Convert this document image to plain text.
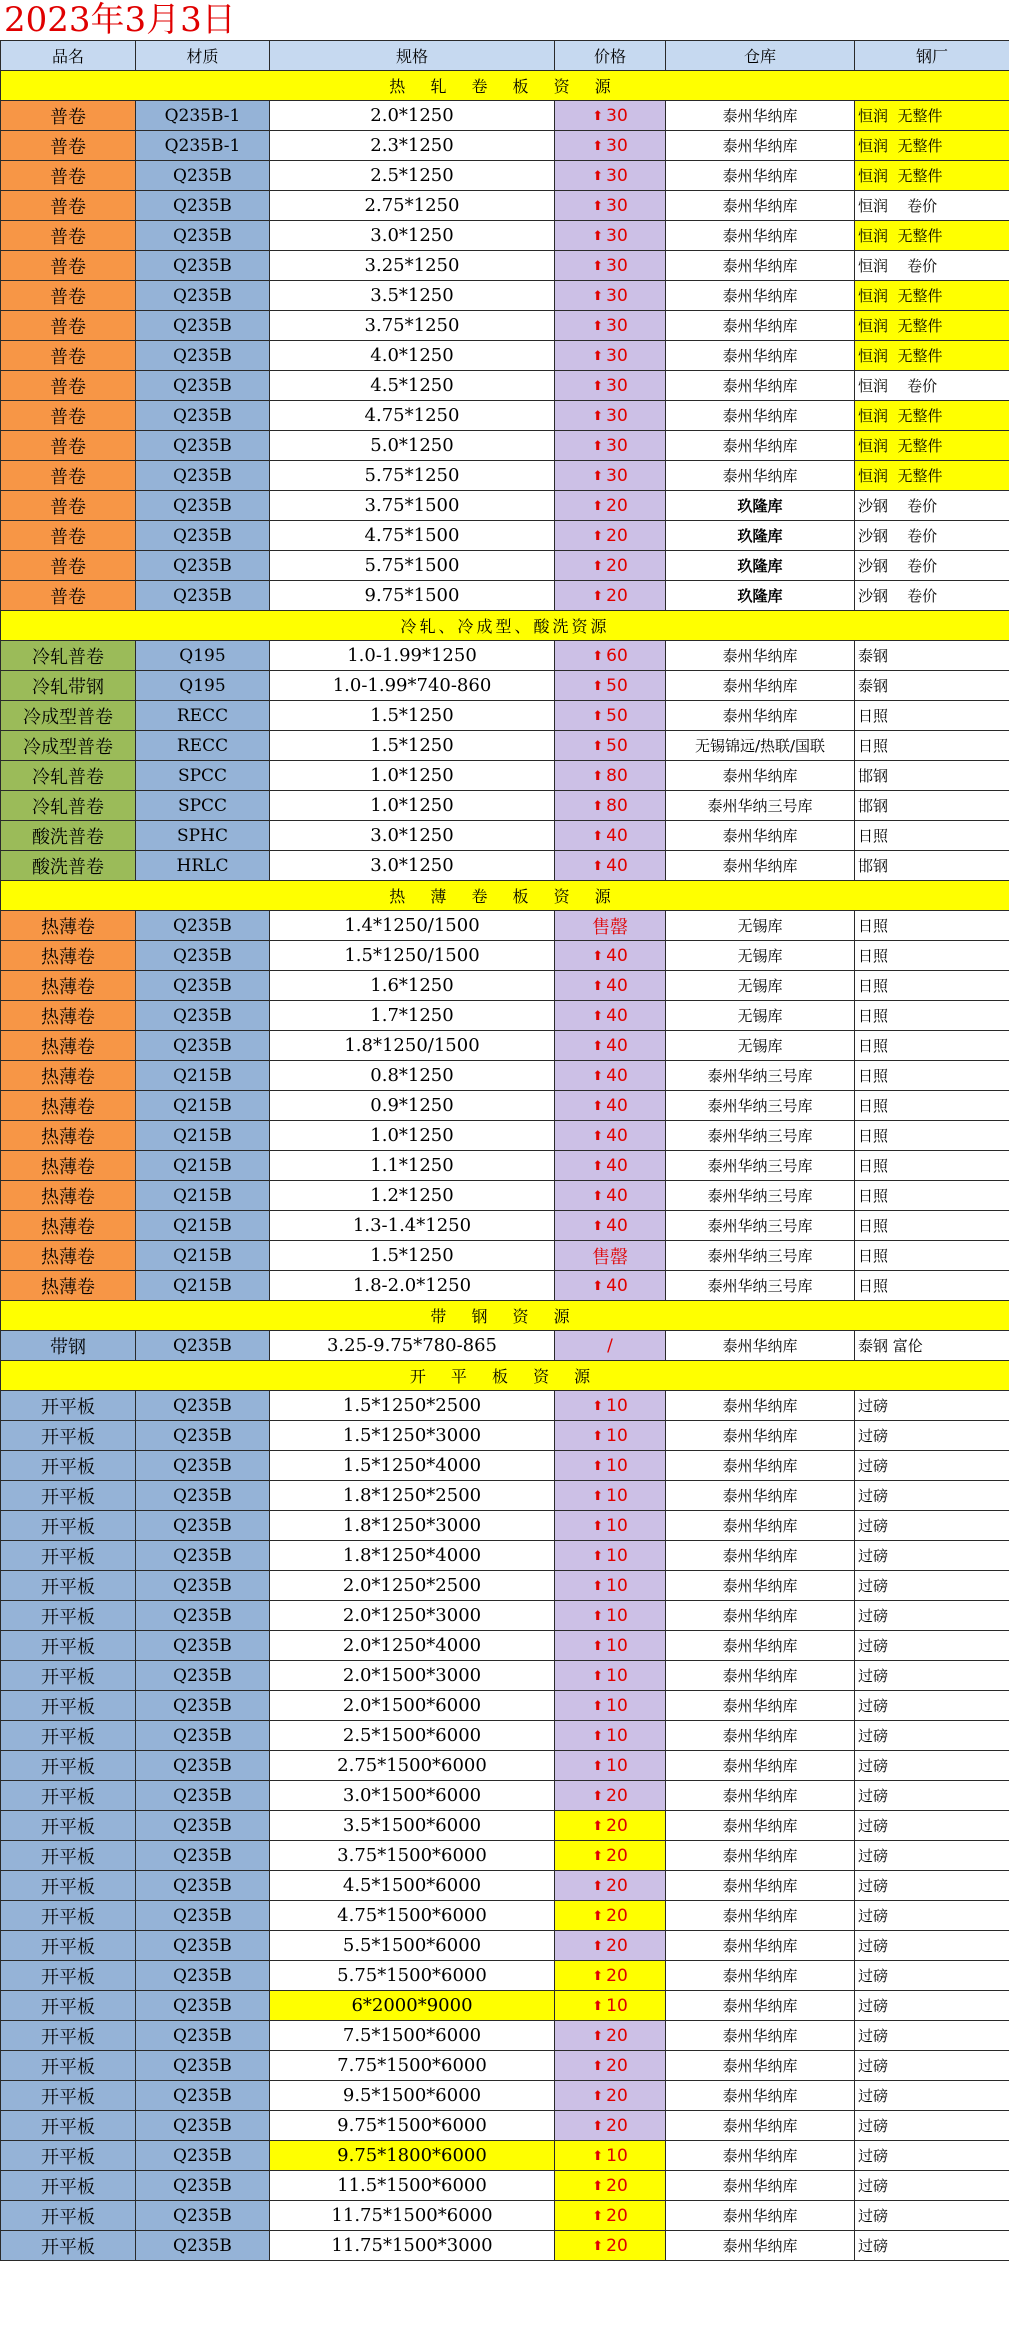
2023年3月3日
品名	材质	规格	价格	仓库	钢厂
热 轧 卷 板 资 源					
普卷	Q235B-1	2.0*1250	⬆ 30	泰州华纳库	恒润  无整件
普卷	Q235B-1	2.3*1250	⬆ 30	泰州华纳库	恒润  无整件
普卷	Q235B	2.5*1250	⬆ 30	泰州华纳库	恒润  无整件
普卷	Q235B	2.75*1250	⬆ 30	泰州华纳库	恒润    卷价
普卷	Q235B	3.0*1250	⬆ 30	泰州华纳库	恒润  无整件
普卷	Q235B	3.25*1250	⬆ 30	泰州华纳库	恒润    卷价
普卷	Q235B	3.5*1250	⬆ 30	泰州华纳库	恒润  无整件
普卷	Q235B	3.75*1250	⬆ 30	泰州华纳库	恒润  无整件
普卷	Q235B	4.0*1250	⬆ 30	泰州华纳库	恒润  无整件
普卷	Q235B	4.5*1250	⬆ 30	泰州华纳库	恒润    卷价
普卷	Q235B	4.75*1250	⬆ 30	泰州华纳库	恒润  无整件
普卷	Q235B	5.0*1250	⬆ 30	泰州华纳库	恒润  无整件
普卷	Q235B	5.75*1250	⬆ 30	泰州华纳库	恒润  无整件
普卷	Q235B	3.75*1500	⬆ 20	玖隆库	沙钢    卷价
普卷	Q235B	4.75*1500	⬆ 20	玖隆库	沙钢    卷价
普卷	Q235B	5.75*1500	⬆ 20	玖隆库	沙钢    卷价
普卷	Q235B	9.75*1500	⬆ 20	玖隆库	沙钢    卷价
冷轧、冷成型、酸洗资源					
冷轧普卷	Q195	1.0-1.99*1250	⬆ 60	泰州华纳库	泰钢
冷轧带钢	Q195	1.0-1.99*740-860	⬆ 50	泰州华纳库	泰钢
冷成型普卷	RECC	1.5*1250	⬆ 50	泰州华纳库	日照
冷成型普卷	RECC	1.5*1250	⬆ 50	无锡锦远/热联/国联	日照
冷轧普卷	SPCC	1.0*1250	⬆ 80	泰州华纳库	邯钢
冷轧普卷	SPCC	1.0*1250	⬆ 80	泰州华纳三号库	邯钢
酸洗普卷	SPHC	3.0*1250	⬆ 40	泰州华纳库	日照
酸洗普卷	HRLC	3.0*1250	⬆ 40	泰州华纳库	邯钢
热 薄 卷 板 资 源					
热薄卷	Q235B	1.4*1250/1500	售罄	无锡库	日照
热薄卷	Q235B	1.5*1250/1500	⬆ 40	无锡库	日照
热薄卷	Q235B	1.6*1250	⬆ 40	无锡库	日照
热薄卷	Q235B	1.7*1250	⬆ 40	无锡库	日照
热薄卷	Q235B	1.8*1250/1500	⬆ 40	无锡库	日照
热薄卷	Q215B	0.8*1250	⬆ 40	泰州华纳三号库	日照
热薄卷	Q215B	0.9*1250	⬆ 40	泰州华纳三号库	日照
热薄卷	Q215B	1.0*1250	⬆ 40	泰州华纳三号库	日照
热薄卷	Q215B	1.1*1250	⬆ 40	泰州华纳三号库	日照
热薄卷	Q215B	1.2*1250	⬆ 40	泰州华纳三号库	日照
热薄卷	Q215B	1.3-1.4*1250	⬆ 40	泰州华纳三号库	日照
热薄卷	Q215B	1.5*1250	售罄	泰州华纳三号库	日照
热薄卷	Q215B	1.8-2.0*1250	⬆ 40	泰州华纳三号库	日照
带 钢 资 源					
带钢	Q235B	3.25-9.75*780-865	/	泰州华纳库	泰钢 富伦
开 平 板 资 源					
开平板	Q235B	1.5*1250*2500	⬆ 10	泰州华纳库	过磅
开平板	Q235B	1.5*1250*3000	⬆ 10	泰州华纳库	过磅
开平板	Q235B	1.5*1250*4000	⬆ 10	泰州华纳库	过磅
开平板	Q235B	1.8*1250*2500	⬆ 10	泰州华纳库	过磅
开平板	Q235B	1.8*1250*3000	⬆ 10	泰州华纳库	过磅
开平板	Q235B	1.8*1250*4000	⬆ 10	泰州华纳库	过磅
开平板	Q235B	2.0*1250*2500	⬆ 10	泰州华纳库	过磅
开平板	Q235B	2.0*1250*3000	⬆ 10	泰州华纳库	过磅
开平板	Q235B	2.0*1250*4000	⬆ 10	泰州华纳库	过磅
开平板	Q235B	2.0*1500*3000	⬆ 10	泰州华纳库	过磅
开平板	Q235B	2.0*1500*6000	⬆ 10	泰州华纳库	过磅
开平板	Q235B	2.5*1500*6000	⬆ 10	泰州华纳库	过磅
开平板	Q235B	2.75*1500*6000	⬆ 10	泰州华纳库	过磅
开平板	Q235B	3.0*1500*6000	⬆ 20	泰州华纳库	过磅
开平板	Q235B	3.5*1500*6000	⬆ 20	泰州华纳库	过磅
开平板	Q235B	3.75*1500*6000	⬆ 20	泰州华纳库	过磅
开平板	Q235B	4.5*1500*6000	⬆ 20	泰州华纳库	过磅
开平板	Q235B	4.75*1500*6000	⬆ 20	泰州华纳库	过磅
开平板	Q235B	5.5*1500*6000	⬆ 20	泰州华纳库	过磅
开平板	Q235B	5.75*1500*6000	⬆ 20	泰州华纳库	过磅
开平板	Q235B	6*2000*9000	⬆ 10	泰州华纳库	过磅
开平板	Q235B	7.5*1500*6000	⬆ 20	泰州华纳库	过磅
开平板	Q235B	7.75*1500*6000	⬆ 20	泰州华纳库	过磅
开平板	Q235B	9.5*1500*6000	⬆ 20	泰州华纳库	过磅
开平板	Q235B	9.75*1500*6000	⬆ 20	泰州华纳库	过磅
开平板	Q235B	9.75*1800*6000	⬆ 10	泰州华纳库	过磅
开平板	Q235B	11.5*1500*6000	⬆ 20	泰州华纳库	过磅
开平板	Q235B	11.75*1500*6000	⬆ 20	泰州华纳库	过磅
开平板	Q235B	11.75*1500*3000	⬆ 20	泰州华纳库	过磅
